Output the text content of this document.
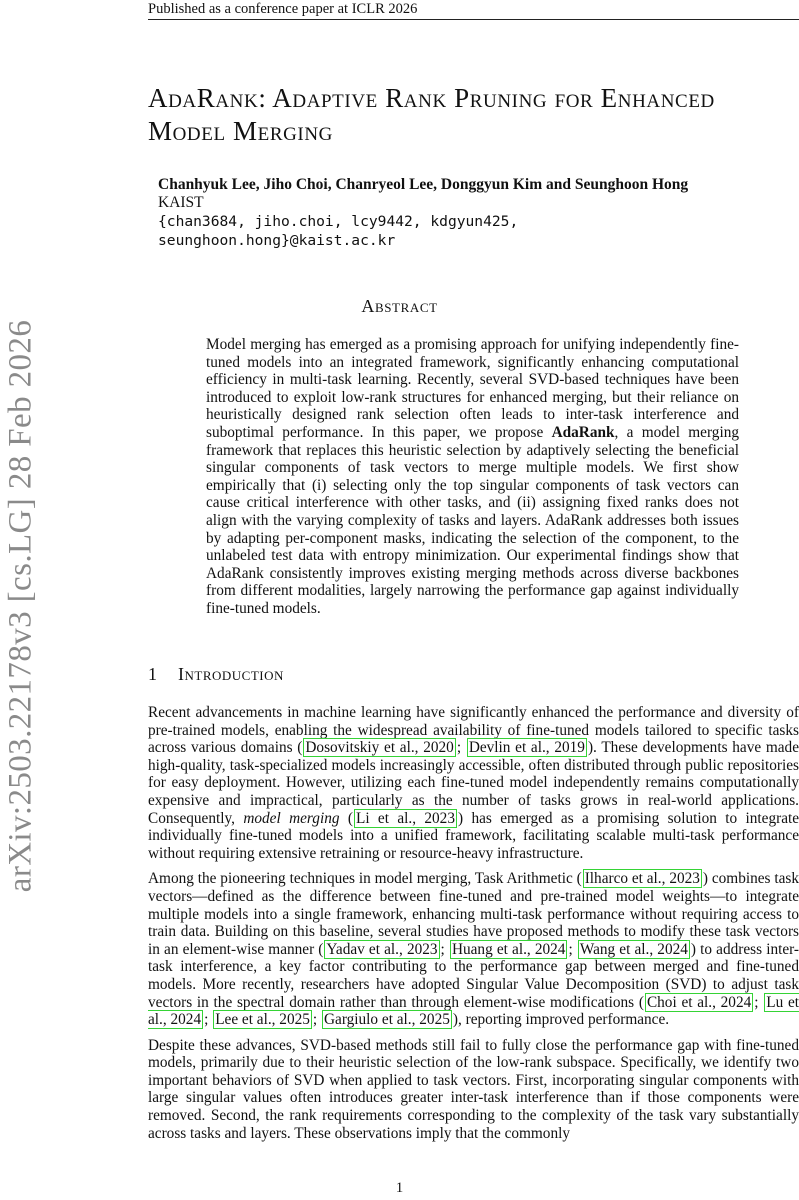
Published as a conference paper at ICLR 2026
arXiv:2503.22178v3 [cs.LG] 28 Feb 2026
AdaRank: Adaptive Rank Pruning for Enhanced Model Merging
Chanhyuk Lee, Jiho Choi, Chanryeol Lee, Donggyun Kim and Seunghoon Hong
KAIST
{chan3684, jiho.choi, lcy9442, kdgyun425,
seunghoon.hong}@kaist.ac.kr
Abstract
Model merging has emerged as a promising approach for unifying independently fine-tuned models into an integrated framework, significantly enhancing computational efficiency in multi-task learning. Recently, several SVD-based techniques have been introduced to exploit low-rank structures for enhanced merging, but their reliance on heuristically designed rank selection often leads to inter-task interference and suboptimal performance. In this paper, we propose AdaRank, a model merging framework that replaces this heuristic selection by adaptively selecting the beneficial singular components of task vectors to merge multiple models. We first show empirically that (i) selecting only the top singular components of task vectors can cause critical interference with other tasks, and (ii) assigning fixed ranks does not align with the varying complexity of tasks and layers. AdaRank addresses both issues by adapting per-component masks, indicating the selection of the component, to the unlabeled test data with entropy minimization. Our experimental findings show that AdaRank consistently improves existing merging methods across diverse backbones from different modalities, largely narrowing the performance gap against individually fine-tuned models.
1 Introduction

Recent advancements in machine learning have significantly enhanced the performance and diversity of pre-trained models, enabling the widespread availability of fine-tuned models tailored to specific tasks across various domains ( Dosovitskiy et al., 2020 ; Devlin et al., 2019 ). These developments have made high-quality, task-specialized models increasingly accessible, often distributed through public repositories for easy deployment. However, utilizing each fine-tuned model independently remains computationally expensive and impractical, particularly as the number of tasks grows in real-world applications. Consequently, model merging ( Li et al., 2023 ) has emerged as a promising solution to integrate individually fine-tuned models into a unified framework, facilitating scalable multi-task performance without requiring extensive retraining or resource-heavy infrastructure.

Among the pioneering techniques in model merging, Task Arithmetic ( Ilharco et al., 2023 ) combines task vectors—defined as the difference between fine-tuned and pre-trained model weights—to integrate multiple models into a single framework, enhancing multi-task performance without requiring access to train data. Building on this baseline, several studies have proposed methods to modify these task vectors in an element-wise manner ( Yadav et al., 2023 ; Huang et al., 2024 ; Wang et al., 2024 ) to address inter-task interference, a key factor contributing to the performance gap between merged and fine-tuned models. More recently, researchers have adopted Singular Value Decomposition (SVD) to adjust task vectors in the spectral domain rather than through element-wise modifications ( Choi et al., 2024 ; Lu et al., 2024 ; Lee et al., 2025 ; Gargiulo et al., 2025 ), reporting improved performance.

Despite these advances, SVD-based methods still fail to fully close the performance gap with fine-tuned models, primarily due to their heuristic selection of the low-rank subspace. Specifically, we identify two important behaviors of SVD when applied to task vectors. First, incorporating singular components with large singular values often introduces greater inter-task interference than if those components were removed. Second, the rank requirements corresponding to the complexity of the task vary substantially across tasks and layers. These observations imply that the commonly

1
